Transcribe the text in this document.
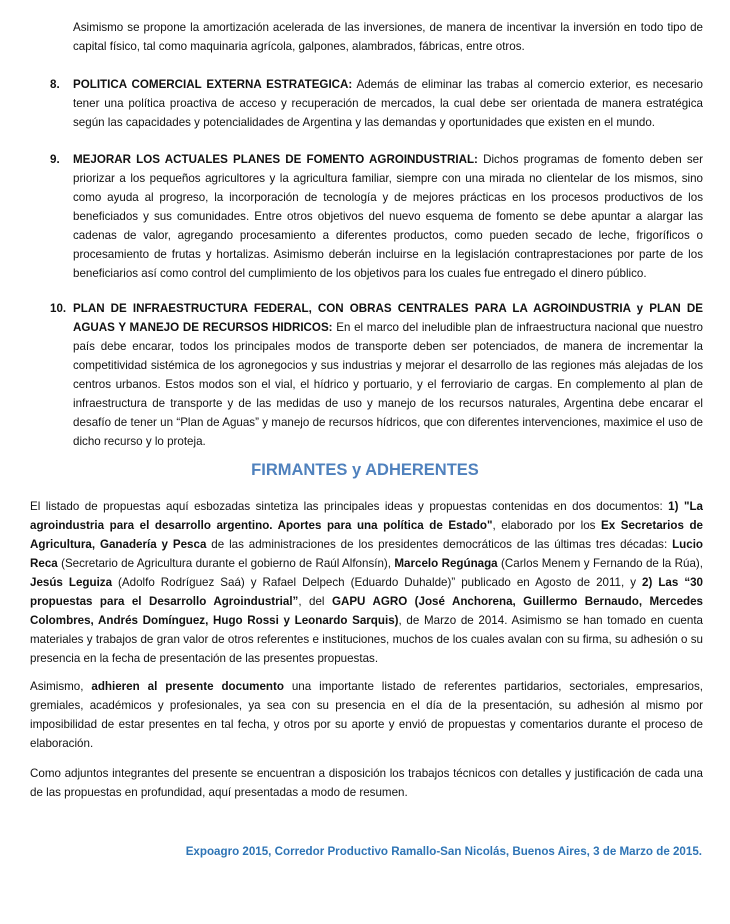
Asimismo se propone la amortización acelerada de las inversiones, de manera de incentivar la inversión en todo tipo de capital físico, tal como maquinaria agrícola, galpones, alambrados, fábricas, entre otros.

8. POLITICA COMERCIAL EXTERNA ESTRATEGICA: Además de eliminar las trabas al comercio exterior, es necesario tener una política proactiva de acceso y recuperación de mercados, la cual debe ser orientada de manera estratégica según las capacidades y potencialidades de Argentina y las demandas y oportunidades que existen en el mundo.

9. MEJORAR LOS ACTUALES PLANES DE FOMENTO AGROINDUSTRIAL: Dichos programas de fomento deben ser priorizar a los pequeños agricultores y la agricultura familiar, siempre con una mirada no clientelar de los mismos, sino como ayuda al progreso, la incorporación de tecnología y de mejores prácticas en los procesos productivos de los beneficiados y sus comunidades. Entre otros objetivos del nuevo esquema de fomento se debe apuntar a alargar las cadenas de valor, agregando procesamiento a diferentes productos, como pueden secado de leche, frigoríficos o procesamiento de frutas y hortalizas. Asimismo deberán incluirse en la legislación contraprestaciones por parte de los beneficiarios así como control del cumplimiento de los objetivos para los cuales fue entregado el dinero público.

10. PLAN DE INFRAESTRUCTURA FEDERAL, CON OBRAS CENTRALES PARA LA AGROINDUSTRIA y PLAN DE AGUAS Y MANEJO DE RECURSOS HIDRICOS: En el marco del ineludible plan de infraestructura nacional que nuestro país debe encarar, todos los principales modos de transporte deben ser potenciados, de manera de incrementar la competitividad sistémica de los agronegocios y sus industrias y mejorar el desarrollo de las regiones más alejadas de los centros urbanos. Estos modos son el vial, el hídrico y portuario, y el ferroviario de cargas. En complemento al plan de infraestructura de transporte y de las medidas de uso y manejo de los recursos naturales, Argentina debe encarar el desafío de tener un “Plan de Aguas” y manejo de recursos hídricos, que con diferentes intervenciones, maximice el uso de dicho recurso y lo proteja.

FIRMANTES y ADHERENTES

El listado de propuestas aquí esbozadas sintetiza las principales ideas y propuestas contenidas en dos documentos: 1) "La agroindustria para el desarrollo argentino. Aportes para una política de Estado", elaborado por los Ex Secretarios de Agricultura, Ganadería y Pesca de las administraciones de los presidentes democráticos de las últimas tres décadas: Lucio Reca (Secretario de Agricultura durante el gobierno de Raúl Alfonsín), Marcelo Regúnaga (Carlos Menem y Fernando de la Rúa), Jesús Leguiza (Adolfo Rodríguez Saá) y Rafael Delpech (Eduardo Duhalde)” publicado en Agosto de 2011, y 2) Las “30 propuestas para el Desarrollo Agroindustrial”, del GAPU AGRO (José Anchorena, Guillermo Bernaudo, Mercedes Colombres, Andrés Domínguez, Hugo Rossi y Leonardo Sarquis), de Marzo de 2014. Asimismo se han tomado en cuenta materiales y trabajos de gran valor de otros referentes e instituciones, muchos de los cuales avalan con su firma, su adhesión o su presencia en la fecha de presentación de las presentes propuestas.

Asimismo, adhieren al presente documento una importante listado de referentes partidarios, sectoriales, empresarios, gremiales, académicos y profesionales, ya sea con su presencia en el día de la presentación, su adhesión al mismo por imposibilidad de estar presentes en tal fecha, y otros por su aporte y envió de propuestas y comentarios durante el proceso de elaboración.

Como adjuntos integrantes del presente se encuentran a disposición los trabajos técnicos con detalles y justificación de cada una de las propuestas en profundidad, aquí presentadas a modo de resumen.

Expoagro 2015, Corredor Productivo Ramallo-San Nicolás, Buenos Aires, 3 de Marzo de 2015.
